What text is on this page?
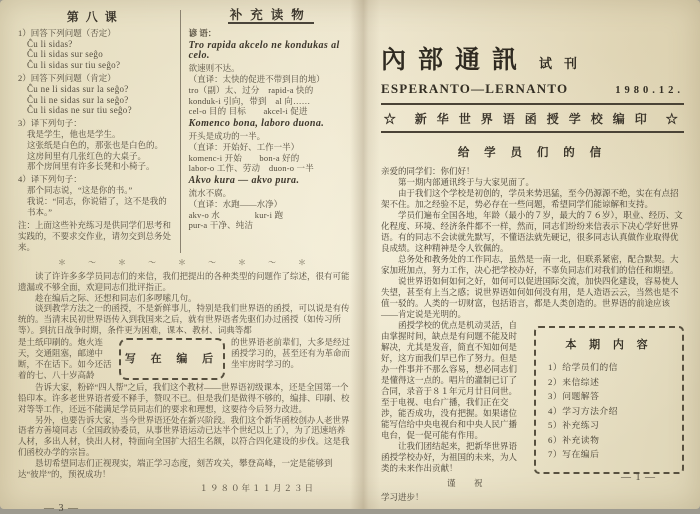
第八课

1）回答下列问题（否定）

Ĉu li sidas?

Ĉu li sidas sur seĝo

Ĉu li sidas sur tiu seĝo?

2）回答下列问题（肯定）

Ĉu ne li sidas sur la seĝo?

Ĉu li ne sidas sur la seĝo?

Ĉu li sidas ne sur tiu seĝo?

3）译下列句子：

我是学生，他也是学生。

这张纸是白色的，那张也是白色的。

这房间里有几张红色的大桌子。

那个房间里有许多长凳和小椅子。

4）译下列句子：

那个同志说，“这是你的书。”

我说：“同志，你说错了，这不是我的书本。”

注：上面这些补充练习是供同学们思考和实践的，不要求交作业，请勿交到总务处来。

补充读物

谚 语：

Tro rapida akcelo ne kondukas al celo.

欲速则不达。

（直译：太快的促进不带到目的地）

tro（副）太、过分　rapid-a 快的

konduk-i 引向，带到　al 向……

cel-o 目的 目标　　akcel-i 促进

Komenco bona, laboro duona.

开头是成功的一半。

（直译：开始好、工作一半）

komenc-i 开始　　bon-a 好的

labor-o 工作、劳动　duon-o 一半

Akvo kura — akvo pura.

流水不腐。

（直译：水跑——水净）

akv-o 水　　　　kur-i 跑

pur-a 干净、纯洁

＊　～　＊　～　＊　～　＊　～　＊

读了许许多多学员同志们的来信，我们把提出的各种类型的问题作了综述，很有可能遗漏或不够全面，欢迎同志们批评指正。

趁在编后之际、还想和同志们多啰嗦几句。

谈到教学方法之一的函授，不是新鲜事儿，特别是我们世界语的函授，可以说是有传统的。当清末民初世界语传入到我国来之后，就有世界语者先驱们办过函授（如传习所等）。到抗日战争时期，条件更为困难，课本、教材、词典等都

是土纸印刷的。炮火连天，交通阻塞，邮递中断，不在话下。如今还活着的七、八十岁高龄

写 在 编 后

的世界语老前辈们，大多是经过函授学习的，甚至还有为革命而坐牢房时学习的。

告诉大家，粉碎“四人帮”之后，我们这个教材——世界语初级课本，还是全国第一个铅印本。许多老世界语者爱不释手，赞叹不已。但是我们是做得不够的，编排、印刷、校对等等工作，还远不能满足学员同志们的要求和理想，这要待今后努力改进。

另外，也要告诉大家，当今世界语还处在新兴阶段。我们这个新华函校创办人老世界语者方善境同志（全国政协委员，从事世界语运动已达半个世纪以上了），为了迅速培养人材，多出人材，快出人材，特面向全国扩大招生名额，以符合四化建设的步伐。这是我们函校办学的宗旨。

恳切希望同志们正视现实，端正学习态度，刻苦攻关，攀登高峰，一定是能够到达“彼岸”的，预祝成功！

１９８０年１１月２３日

— 3 —
內部通訊 试刊
ESPERANTO—LERNANTO	1980.12.
☆　新 华 世 界 语 函 授 学 校 编 印　☆
给 学 员 们 的 信

亲爱的同学们：你们好！

第一期内部通讯终于与大家见面了。

由于我们这个学校是初创的，学员来势迅猛，至今仍源源不绝，实在有点招架不住。加之经验不足，势必存在一些问题，希望同学们能谅解和支持。

学员们遍布全国各地，年龄（最小的７岁，最大的７６岁），职业、经历、文化程度、环境、经济条件都不一样，然而，同志们纷纷来信表示下决心学好世界语。有的同志不会读就先默写，不懂语法就先硬记，很多同志认真做作业取得优良成绩。这种精神是令人钦佩的。

总务处和教务处的工作同志，虽然是一南一北，但联系紧密，配合默契。大家加班加点，努力工作，决心把学校办好，不辜负同志们对我们的信任和期望。

说世界语如何如何之好，如何可以促进国际交流，加快四化建设，容易使人失望，甚至有上当之感；说世界语如何如何没有用，是人造语云云，当然也是不值一驳的。人类的一切财富，包括语言，都是人类创造的。世界语的前途应该——肯定说是光明的。

本 期 内 容
1）给学员们的信
2）来信综述
3）问题解答
4）学习方法介绍
5）补充练习
6）补充读物
7）写在编后

函授学校的优点是机动灵活，自由掌握时间，缺点是有问题不能及时解决，尤其是发音，简直不知如何是好，这方面我们早已作了努力。但是办一件事并不那么容易，想必同志们是懂得这一点的。唱片的灌制已订了合同，录音于８１年元月廿日问世。至于电视、电台广播，我们正在交涉，能否成功，没有把握。如果诸位能写信给中央电视台和中央人民广播电台，促一促可能有作用。

让我们团结起来，把新华世界语函授学校办好，为祖国的未来，为人类的未来作出贡献！

谨　祝

学习进步！

— 1 —
